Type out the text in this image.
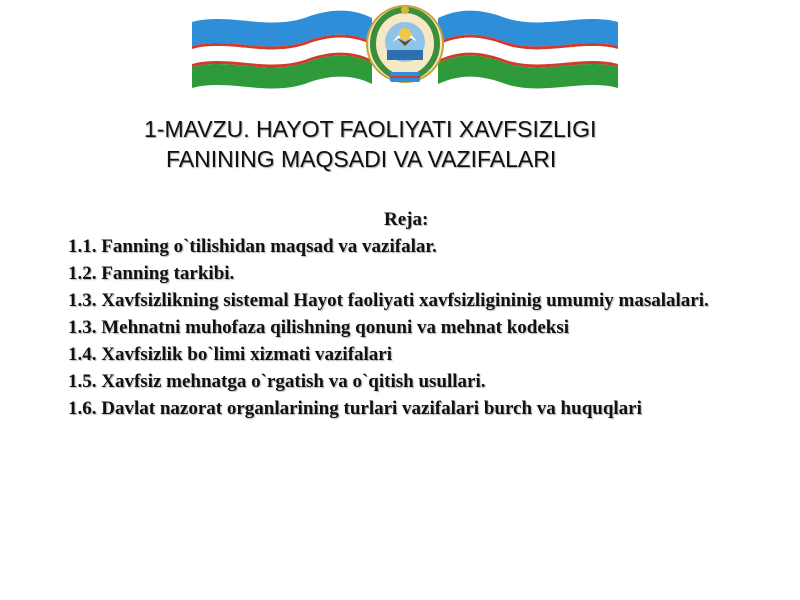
1-MAVZU. HAYOT FAOLIYATI XAVFSIZLIGI
FANINING MAQSADI VA VAZIFALARI
Reja:
1.1. Fanning o`tilishidan maqsad va vazifalar.
1.2. Fanning tarkibi.
1.3. Xavfsizlikning sistemal Hayot faoliyati xavfsizligininig umumiy masalalari.
1.3. Mehnatni muhofaza qilishning qonuni va mehnat kodeksi
1.4. Xavfsizlik bo`limi xizmati vazifalari
1.5. Xavfsiz mehnatga o`rgatish va o`qitish usullari.
1.6. Davlat nazorat organlarining turlari vazifalari burch va huquqlari
